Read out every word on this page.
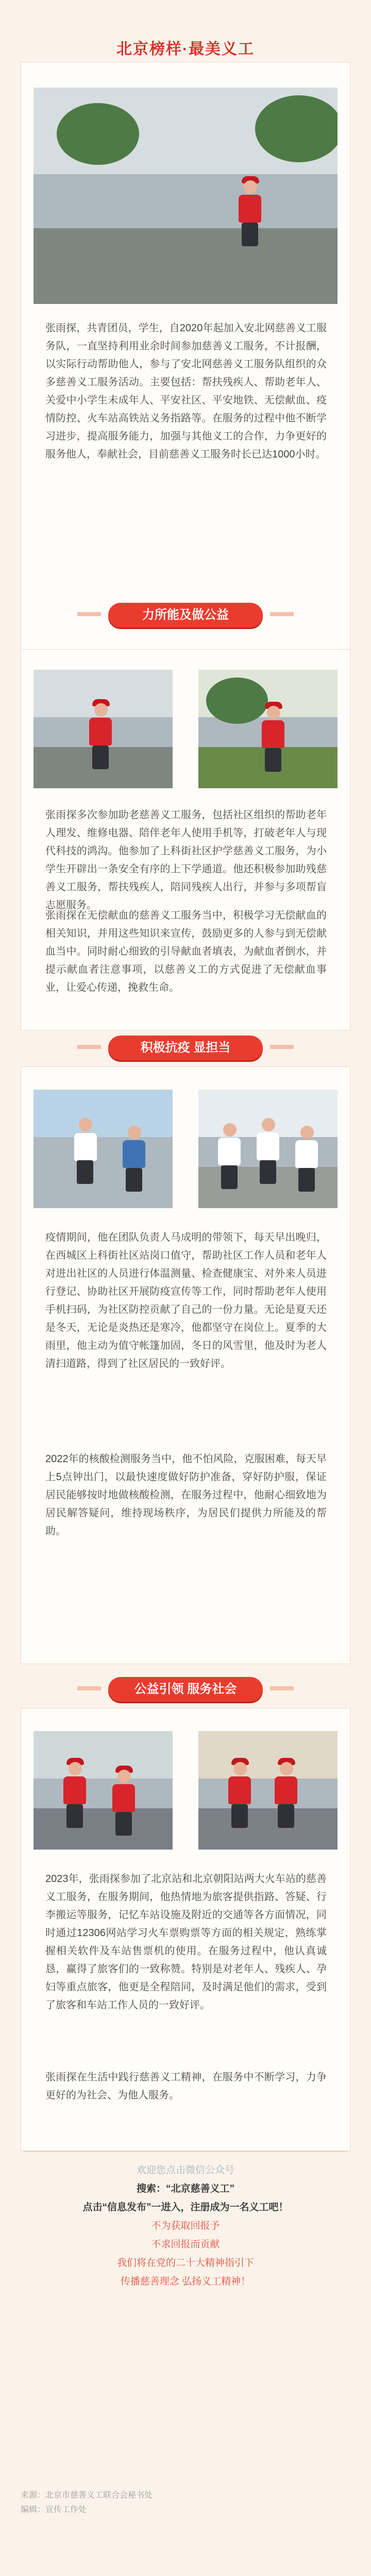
北京榜样·最美义工
张雨探，共青团员，学生，自2020年起加入安北网慈善义工服务队，一直坚持利用业余时间参加慈善义工服务，不计报酬，以实际行动帮助他人，参与了安北网慈善义工服务队组织的众多慈善义工服务活动。主要包括：帮扶残疾人、帮助老年人、关爱中小学生未成年人、平安社区、平安地铁、无偿献血、疫情防控、火车站高铁站义务指路等。在服务的过程中他不断学习进步，提高服务能力，加强与其他义工的合作，力争更好的服务他人，奉献社会，目前慈善义工服务时长已达1000小时。
力所能及做公益
张雨探多次参加助老慈善义工服务，包括社区组织的帮助老年人理发、维修电器、陪伴老年人使用手机等，打破老年人与现代科技的鸿沟。他参加了上科街社区护学慈善义工服务，为小学生开辟出一条安全有序的上下学通道。他还积极参加助残慈善义工服务，帮扶残疾人，陪同残疾人出行，并参与多项帮盲志愿服务。
张雨探在无偿献血的慈善义工服务当中，积极学习无偿献血的相关知识，并用这些知识来宣传，鼓励更多的人参与到无偿献血当中。同时耐心细致的引导献血者填表，为献血者倒水，并提示献血者注意事项，以慈善义工的方式促进了无偿献血事业，让爱心传递，挽救生命。
积极抗疫 显担当
疫情期间，他在团队负责人马成明的带领下，每天早出晚归，在西城区上科街社区站岗口值守，帮助社区工作人员和老年人对进出社区的人员进行体温测量、检查健康宝、对外来人员进行登记、协助社区开展防疫宣传等工作，同时帮助老年人使用手机扫码，为社区防控贡献了自己的一份力量。无论是夏天还是冬天，无论是炎热还是寒冷，他都坚守在岗位上。夏季的大雨里，他主动为值守帐篷加固，冬日的风雪里，他及时为老人清扫道路，得到了社区居民的一致好评。
2022年的核酸检测服务当中，他不怕风险，克服困难，每天早上5点钟出门，以最快速度做好防护准备，穿好防护服，保证居民能够按时地做核酸检测，在服务过程中，他耐心细致地为居民解答疑问，维持现场秩序，为居民们提供力所能及的帮助。
公益引领 服务社会
2023年，张雨探参加了北京站和北京朝阳站两大火车站的慈善义工服务，在服务期间，他热情地为旅客提供指路、答疑、行李搬运等服务，记忆车站设施及附近的交通等各方面情况，同时通过12306网站学习火车票购票等方面的相关规定，熟练掌握相关软件及车站售票机的使用。在服务过程中，他认真诚恳，赢得了旅客们的一致称赞。特别是对老年人、残疾人、孕妇等重点旅客，他更是全程陪同，及时满足他们的需求，受到了旅客和车站工作人员的一致好评。
张雨探在生活中践行慈善义工精神，在服务中不断学习，力争更好的为社会、为他人服务。
欢迎您点击微信公众号
搜索：“北京慈善义工”
点击“信息发布”一进入，注册成为一名义工吧！
不为获取回报予
不求回报而贡献
我们将在党的二十大精神指引下
传播慈善理念 弘扬义工精神！
来源：北京市慈善义工联合会秘书处
编辑：宣传工作处
